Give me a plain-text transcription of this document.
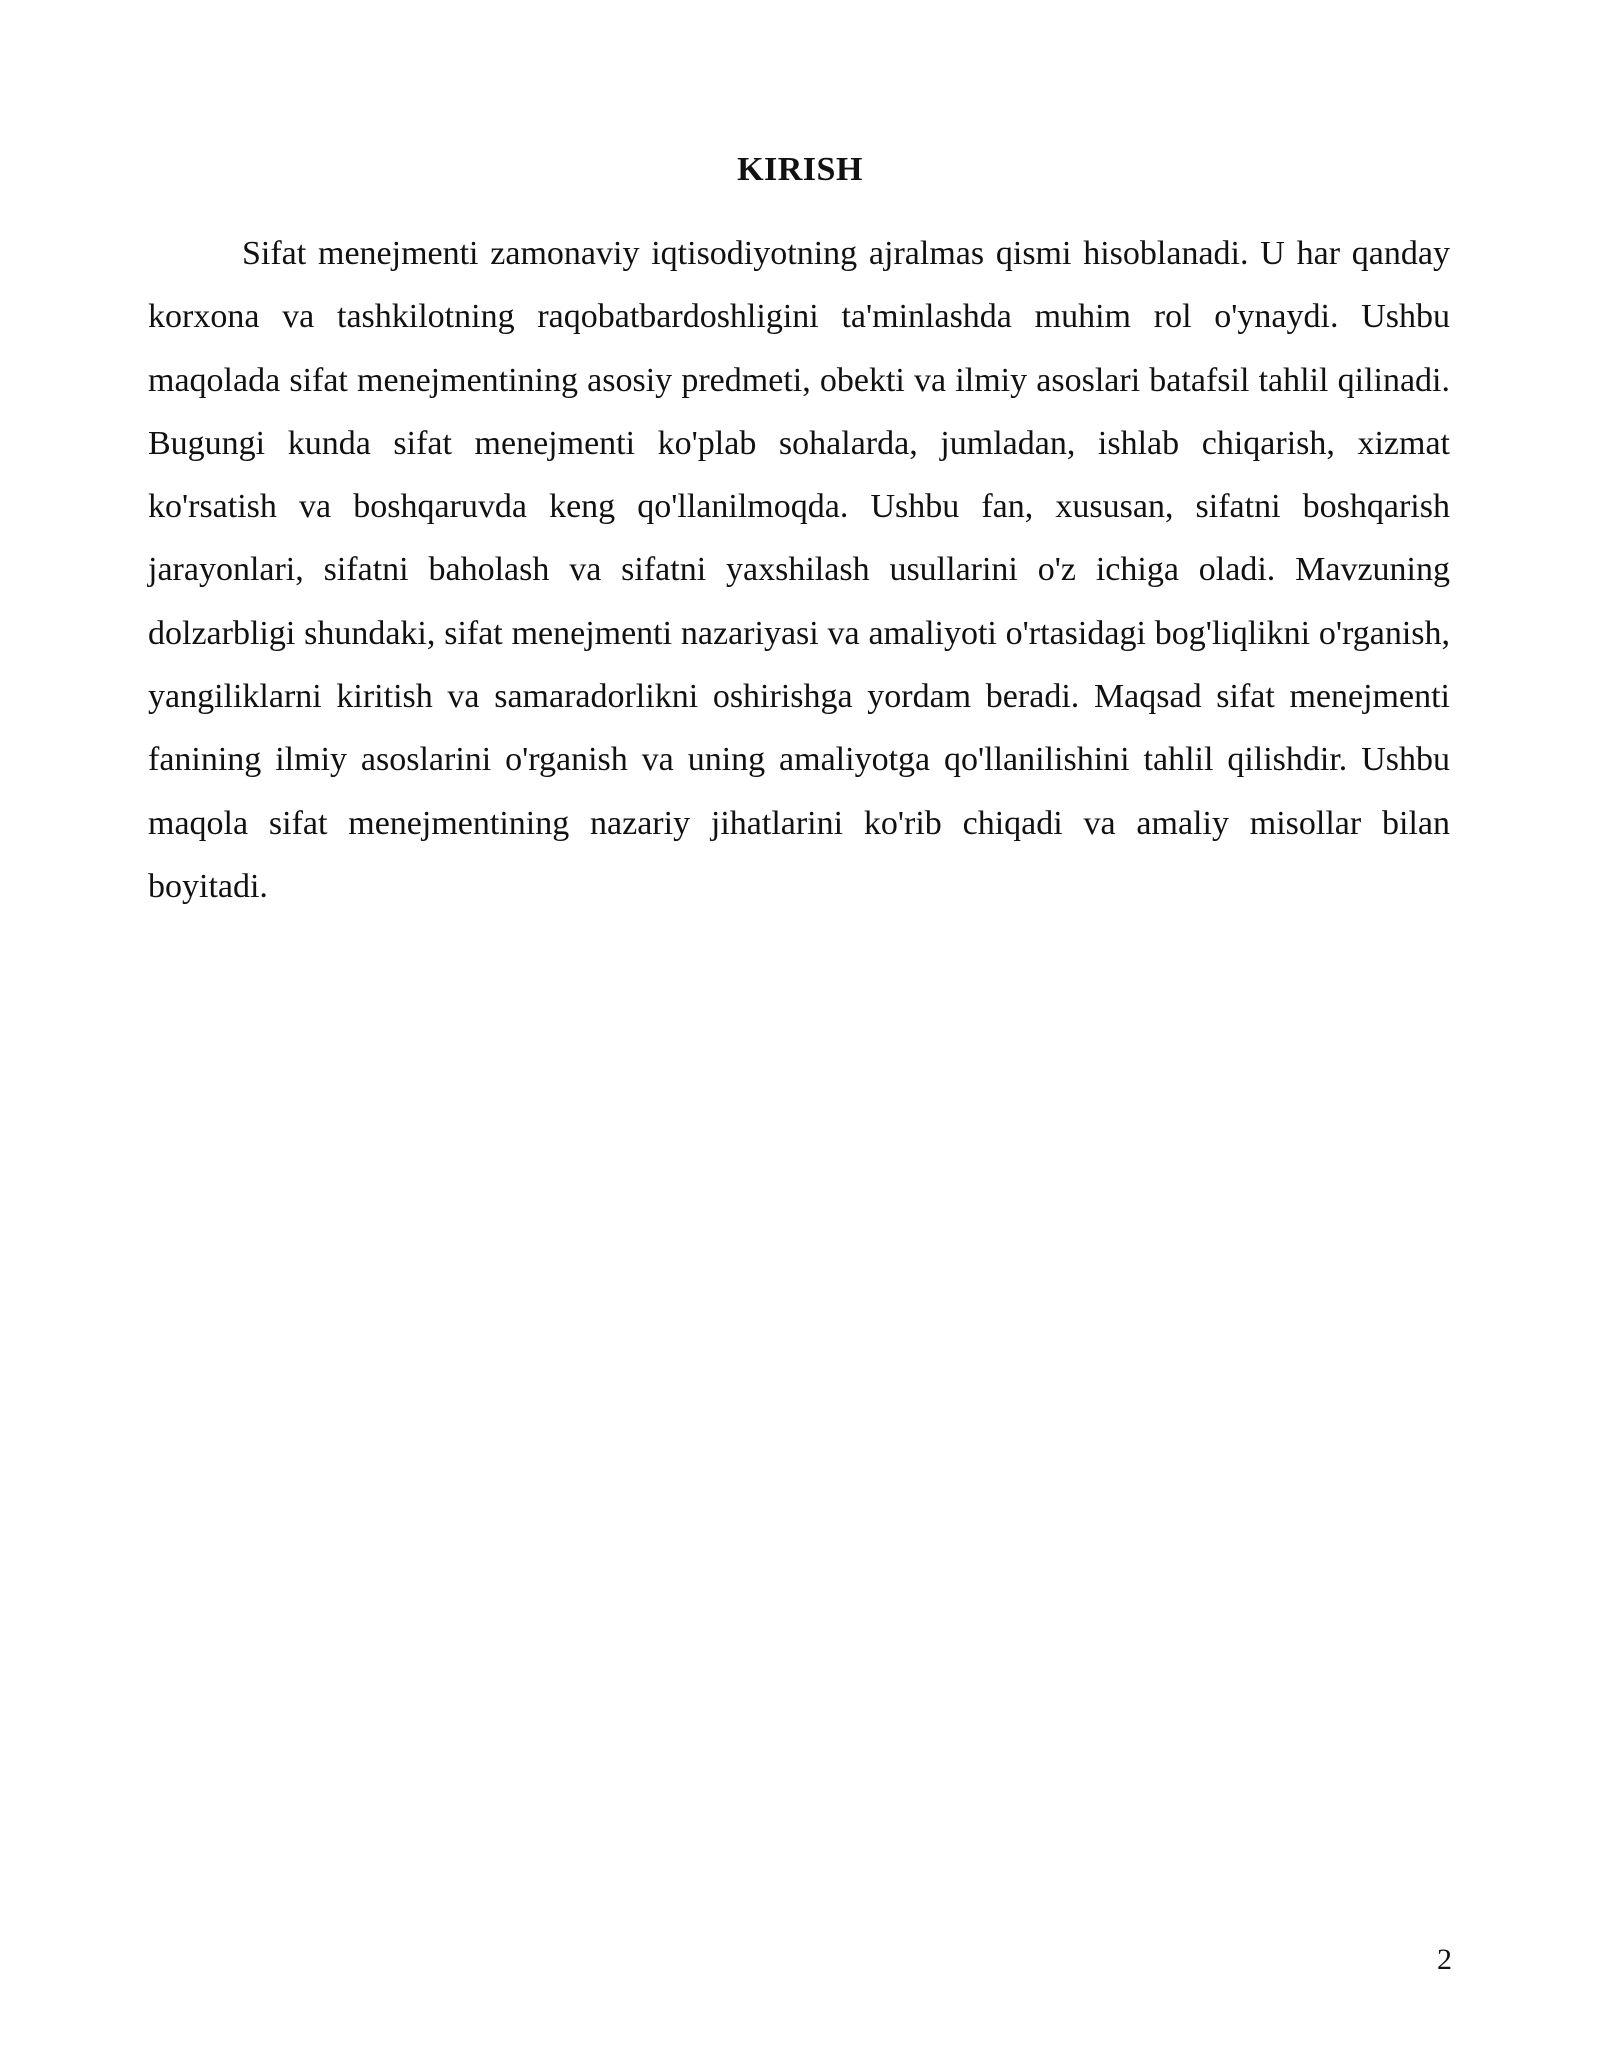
KIRISH

Sifat menejmenti zamonaviy iqtisodiyotning ajralmas qismi hisoblanadi. U har qanday korxona va tashkilotning raqobatbardoshligini ta'minlashda muhim rol o'ynaydi. Ushbu maqolada sifat menejmentining asosiy predmeti, obekti va ilmiy asoslari batafsil tahlil qilinadi. Bugungi kunda sifat menejmenti ko'plab sohalarda, jumladan, ishlab chiqarish, xizmat ko'rsatish va boshqaruvda keng qo'llanilmoqda. Ushbu fan, xususan, sifatni boshqarish jarayonlari, sifatni baholash va sifatni yaxshilash usullarini o'z ichiga oladi. Mavzuning dolzarbligi shundaki, sifat menejmenti nazariyasi va amaliyoti o'rtasidagi bog'liqlikni o'rganish, yangiliklarni kiritish va samaradorlikni oshirishga yordam beradi. Maqsad sifat menejmenti fanining ilmiy asoslarini o'rganish va uning amaliyotga qo'llanilishini tahlil qilishdir. Ushbu maqola sifat menejmentining nazariy jihatlarini ko'rib chiqadi va amaliy misollar bilan boyitadi.

2
